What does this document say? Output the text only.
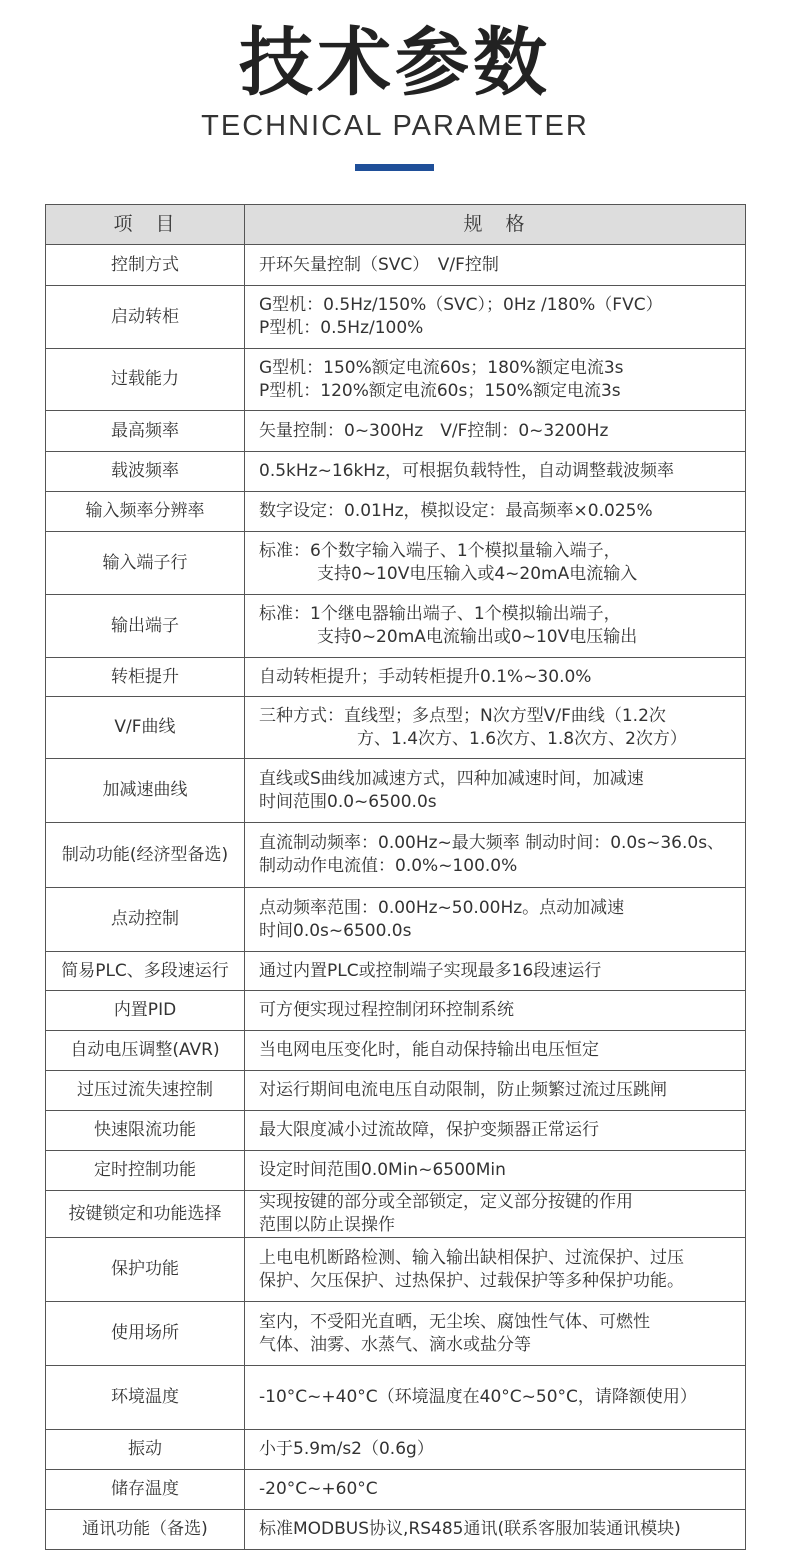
技术参数
TECHNICAL PARAMETER
项　目	规　格
控制方式	开环矢量控制（SVC）　V/F控制

启动转柜	G型机：0.5Hz/150%（SVC）；0Hz /180%（FVC）
P型机：0.5Hz/100%

过载能力	G型机：150%额定电流60s；180%额定电流3s
P型机：120%额定电流60s；150%额定电流3s

最高频率	矢量控制：0~300Hz　V/F控制：0~3200Hz

载波频率	0.5kHz~16kHz，可根据负载特性，自动调整载波频率

输入频率分辨率	数字设定：0.01Hz，模拟设定：最高频率×0.025%

输入端子行	标准：6个数字输入端子、1个模拟量输入端子，
支持0~10V电压输入或4~20mA电流输入

输出端子	标准：1个继电器输出端子、1个模拟输出端子，
支持0~20mA电流输出或0~10V电压输出

转柜提升	自动转柜提升；手动转柜提升0.1%~30.0%

V/F曲线	三种方式：直线型；多点型；N次方型V/F曲线（1.2次
方、1.4次方、1.6次方、1.8次方、2次方）

加减速曲线	直线或S曲线加减速方式，四种加减速时间，加减速
时间范围0.0~6500.0s

制动功能(经济型备选)	直流制动频率：0.00Hz~最大频率 制动时间：0.0s~36.0s、
制动动作电流值：0.0%~100.0%

点动控制	点动频率范围：0.00Hz~50.00Hz。点动加减速
时间0.0s~6500.0s

简易PLC、多段速运行	通过内置PLC或控制端子实现最多16段速运行

内置PID	可方便实现过程控制闭环控制系统

自动电压调整(AVR)	当电网电压变化时，能自动保持输出电压恒定

过压过流失速控制	对运行期间电流电压自动限制，防止频繁过流过压跳闸

快速限流功能	最大限度减小过流故障，保护变频器正常运行

定时控制功能	设定时间范围0.0Min~6500Min

按键锁定和功能选择	实现按键的部分或全部锁定，定义部分按键的作用
范围以防止误操作

保护功能	上电电机断路检测、输入输出缺相保护、过流保护、过压
保护、欠压保护、过热保护、过载保护等多种保护功能。

使用场所	室内，不受阳光直晒，无尘埃、腐蚀性气体、可燃性
气体、油雾、水蒸气、滴水或盐分等

环境温度	-10°C~+40°C（环境温度在40°C~50°C，请降额使用）

振动	小于5.9m/s2（0.6g）

储存温度	-20°C~+60°C

通讯功能（备选)	标准MODBUS协议,RS485通讯(联系客服加装通讯模块)
